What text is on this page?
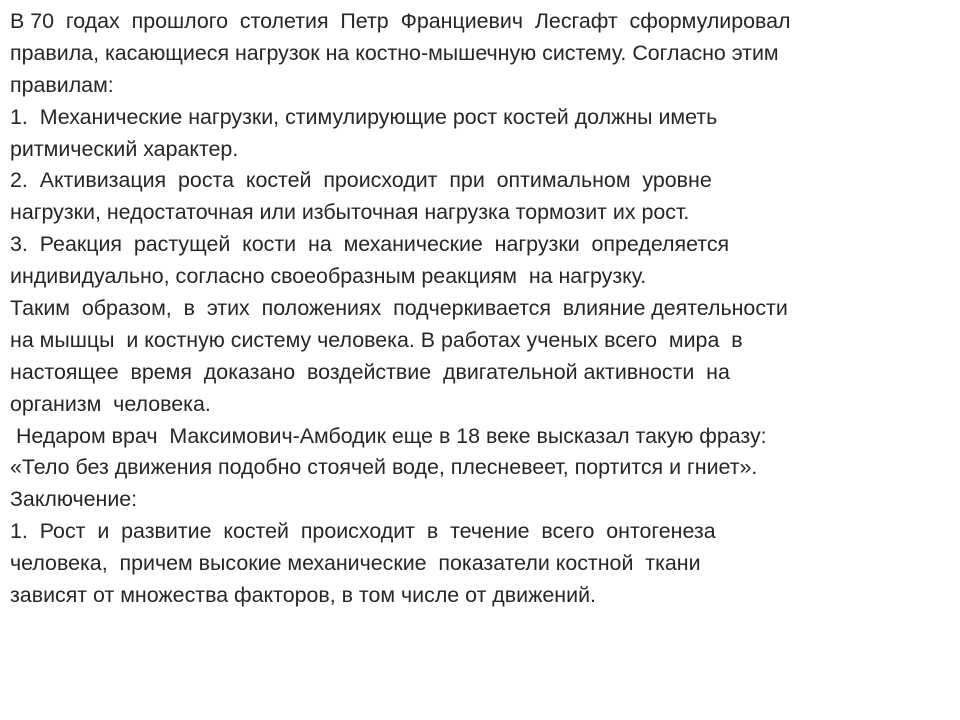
В 70  годах  прошлого  столетия  Петр  Франциевич  Лесгафт  сформулировал
правила, касающиеся нагрузок на костно-мышечную систему. Согласно этим
правилам:
1.  Механические нагрузки, стимулирующие рост костей должны иметь
ритмический характер.
2.  Активизация  роста  костей  происходит  при  оптимальном  уровне
нагрузки, недостаточная или избыточная нагрузка тормозит их рост.
3.  Реакция  растущей  кости  на  механические  нагрузки  определяется
индивидуально, согласно своеобразным реакциям  на нагрузку.
Таким  образом,  в  этих  положениях  подчеркивается  влияние деятельности
на мышцы  и костную систему человека. В работах ученых всего  мира  в
настоящее  время  доказано  воздействие  двигательной активности  на
организм  человека.
Недаром врач  Максимович-Амбодик еще в 18 веке высказал такую фразу:
«Тело без движения подобно стоячей воде, плесневеет, портится и гниет».
Заключение:
1.  Рост  и  развитие  костей  происходит  в  течение  всего  онтогенеза
человека,  причем высокие механические  показатели костной  ткани
зависят от множества факторов, в том числе от движений.
